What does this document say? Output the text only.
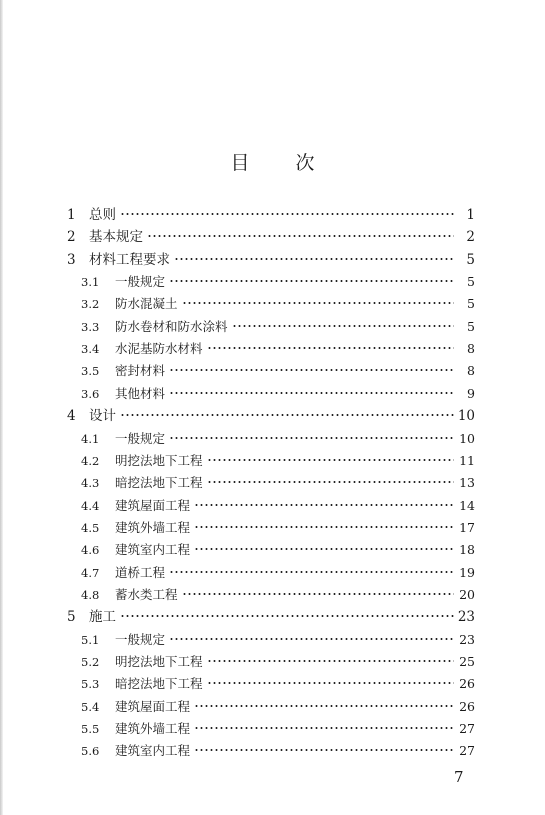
目 次
1 总则	1
2 基本规定	2
3 材料工程要求	5
3.1	一般规定	5
3.2	防水混凝土	5
3.3	防水卷材和防水涂料	5
3.4	水泥基防水材料	8
3.5	密封材料	8
3.6	其他材料	9
4 设计	10
4.1	一般规定	10
4.2	明挖法地下工程	11
4.3	暗挖法地下工程	13
4.4	建筑屋面工程	14
4.5	建筑外墙工程	17
4.6	建筑室内工程	18
4.7	道桥工程	19
4.8	蓄水类工程	20
5 施工	23
5.1	一般规定	23
5.2	明挖法地下工程	25
5.3	暗挖法地下工程	26
5.4	建筑屋面工程	26
5.5	建筑外墙工程	27
5.6	建筑室内工程	27
7
